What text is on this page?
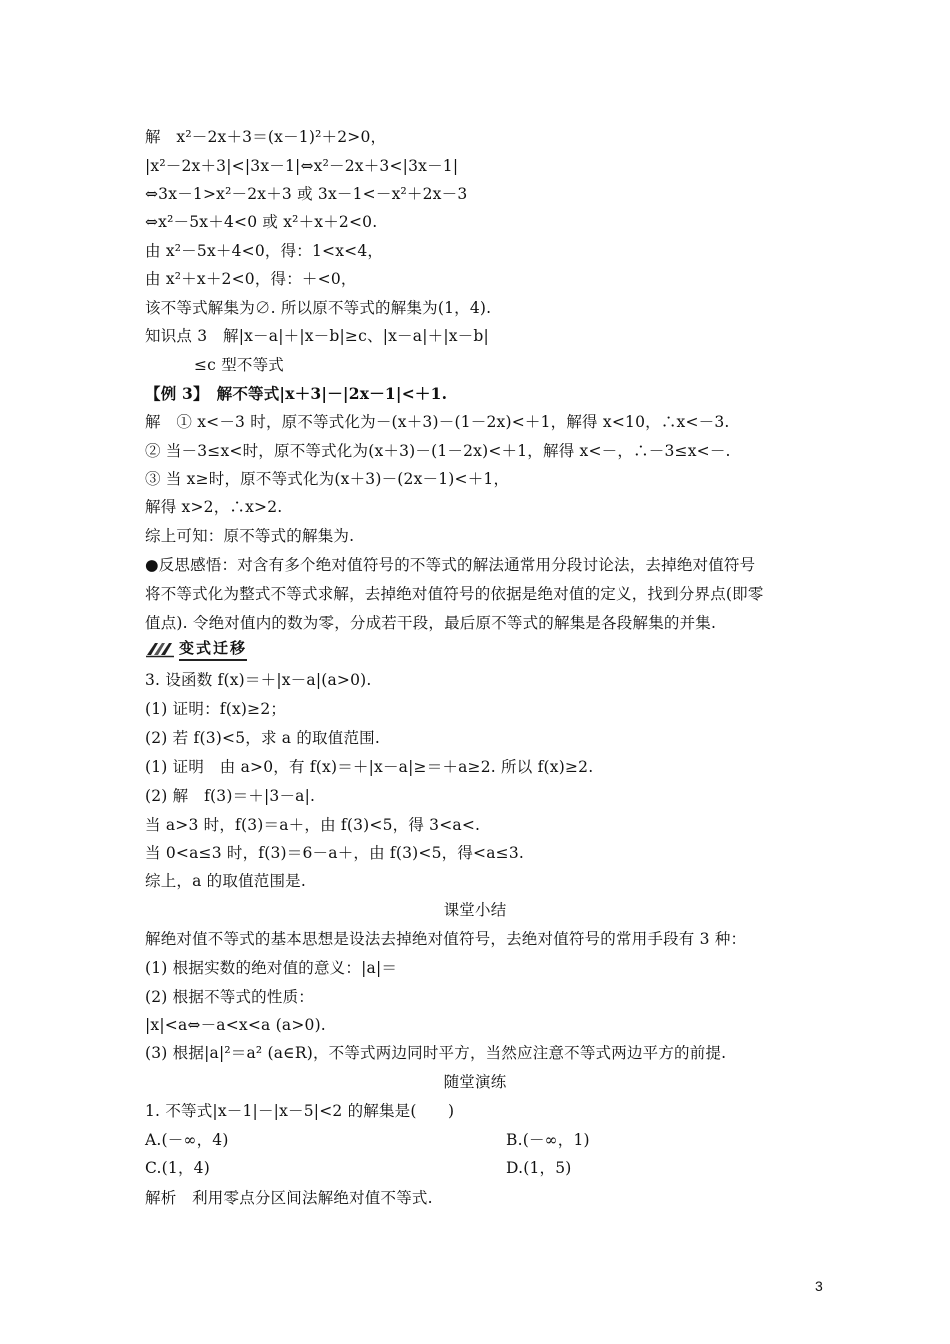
解　x²－2x＋3＝(x－1)²＋2>0，
|x²－2x＋3|<|3x－1|⇔x²－2x＋3<|3x－1|
⇔3x－1>x²－2x＋3 或 3x－1<－x²＋2x－3
⇔x²－5x＋4<0 或 x²＋x＋2<0.
由 x²－5x＋4<0，得：1<x<4，
由 x²＋x＋2<0，得：＋<0，
该不等式解集为∅. 所以原不等式的解集为(1，4).
知识点 3　解|x－a|＋|x－b|≥c、|x－a|＋|x－b|
≤c 型不等式
【例 3】　解不等式|x＋3|－|2x－1|<＋1.
解　① x<－3 时，原不等式化为－(x＋3)－(1－2x)<＋1，解得 x<10，∴x<－3.
② 当－3≤x<时，原不等式化为(x＋3)－(1－2x)<＋1，解得 x<－，∴－3≤x<－.
③ 当 x≥时，原不等式化为(x＋3)－(2x－1)<＋1，
解得 x>2，∴x>2.
综上可知：原不等式的解集为.
●反思感悟：对含有多个绝对值符号的不等式的解法通常用分段讨论法，去掉绝对值符号
将不等式化为整式不等式求解，去掉绝对值符号的依据是绝对值的定义，找到分界点(即零
值点). 令绝对值内的数为零，分成若干段，最后原不等式的解集是各段解集的并集.
变式迁移
3. 设函数 f(x)＝＋|x－a|(a>0).
(1) 证明：f(x)≥2；
(2) 若 f(3)<5，求 a 的取值范围.
(1) 证明　由 a>0，有 f(x)＝＋|x－a|≥＝＋a≥2. 所以 f(x)≥2.
(2) 解　f(3)＝＋|3－a|.
当 a>3 时，f(3)＝a＋，由 f(3)<5，得 3<a<.
当 0<a≤3 时，f(3)＝6－a＋，由 f(3)<5，得<a≤3.
综上，a 的取值范围是.
课堂小结
解绝对值不等式的基本思想是设法去掉绝对值符号，去绝对值符号的常用手段有 3 种：
(1) 根据实数的绝对值的意义：|a|＝
(2) 根据不等式的性质：
|x|<a⇔－a<x<a (a>0).
(3) 根据|a|²＝a² (a∈R)，不等式两边同时平方，当然应注意不等式两边平方的前提.
随堂演练
1. 不等式|x－1|－|x－5|<2 的解集是(　　)
A.(－∞，4)	B.(－∞，1)
C.(1，4)	D.(1，5)
解析　利用零点分区间法解绝对值不等式.
3
